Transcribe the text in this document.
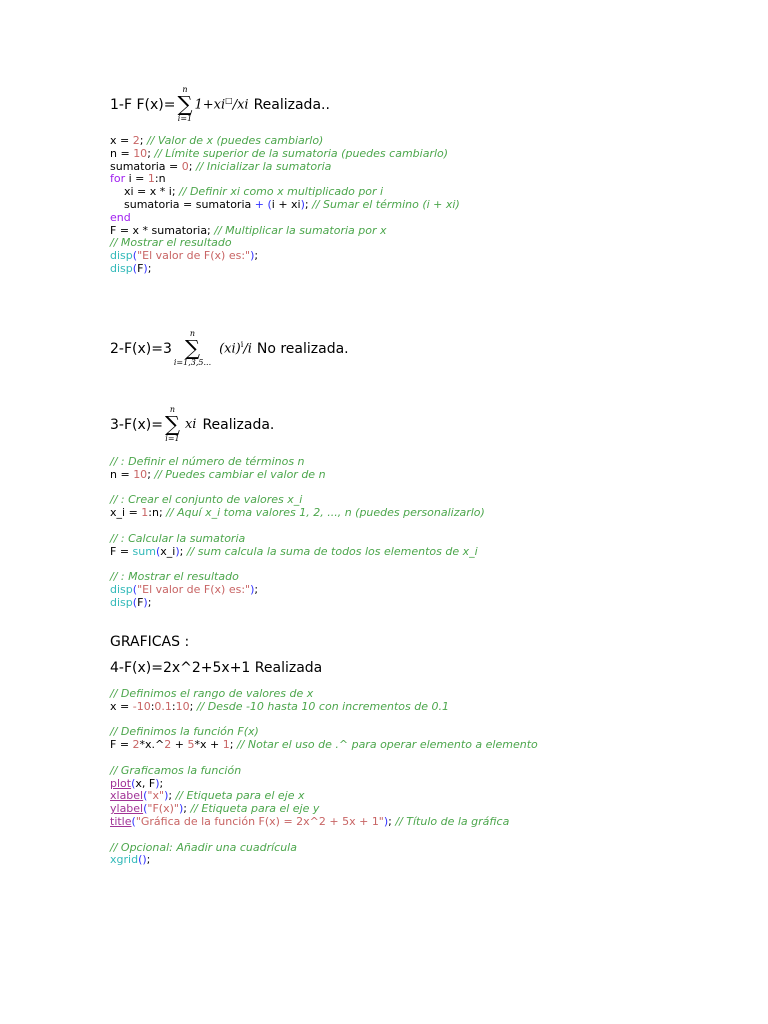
1-F F(x)=
n
∑
i=1
1+xi□/xi Realizada..
x = 2; // Valor de x (puedes cambiarlo)
n = 10; // Límite superior de la sumatoria (puedes cambiarlo)
sumatoria = 0; // Inicializar la sumatoria
for i = 1:n
xi = x * i; // Definir xi como x multiplicado por i
sumatoria = sumatoria + (i + xi); // Sumar el término (i + xi)
end
F = x * sumatoria; // Multiplicar la sumatoria por x
// Mostrar el resultado
disp("El valor de F(x) es:");
disp(F);
2-F(x)=3
n
∑
i=1,3,5...
(xi)$^i$/i No realizada.
3-F(x)=
n
∑
i=1
xi Realizada.
// : Definir el número de términos n
n = 10; // Puedes cambiar el valor de n
// : Crear el conjunto de valores x_i
x_i = 1:n; // Aquí x_i toma valores 1, 2, ..., n (puedes personalizarlo)
// : Calcular la sumatoria
F = sum(x_i); // sum calcula la suma de todos los elementos de x_i
// : Mostrar el resultado
disp("El valor de F(x) es:");
disp(F);
GRAFICAS :
4-F(x)=2x^2+5x+1 Realizada
// Definimos el rango de valores de x
x = -10:0.1:10; // Desde -10 hasta 10 con incrementos de 0.1
// Definimos la función F(x)
F = 2*x.^2 + 5*x + 1; // Notar el uso de .^ para operar elemento a elemento
// Graficamos la función
plot(x, F);
xlabel("x"); // Etiqueta para el eje x
ylabel("F(x)"); // Etiqueta para el eje y
title("Gráfica de la función F(x) = 2x^2 + 5x + 1"); // Título de la gráfica
// Opcional: Añadir una cuadrícula
xgrid();
